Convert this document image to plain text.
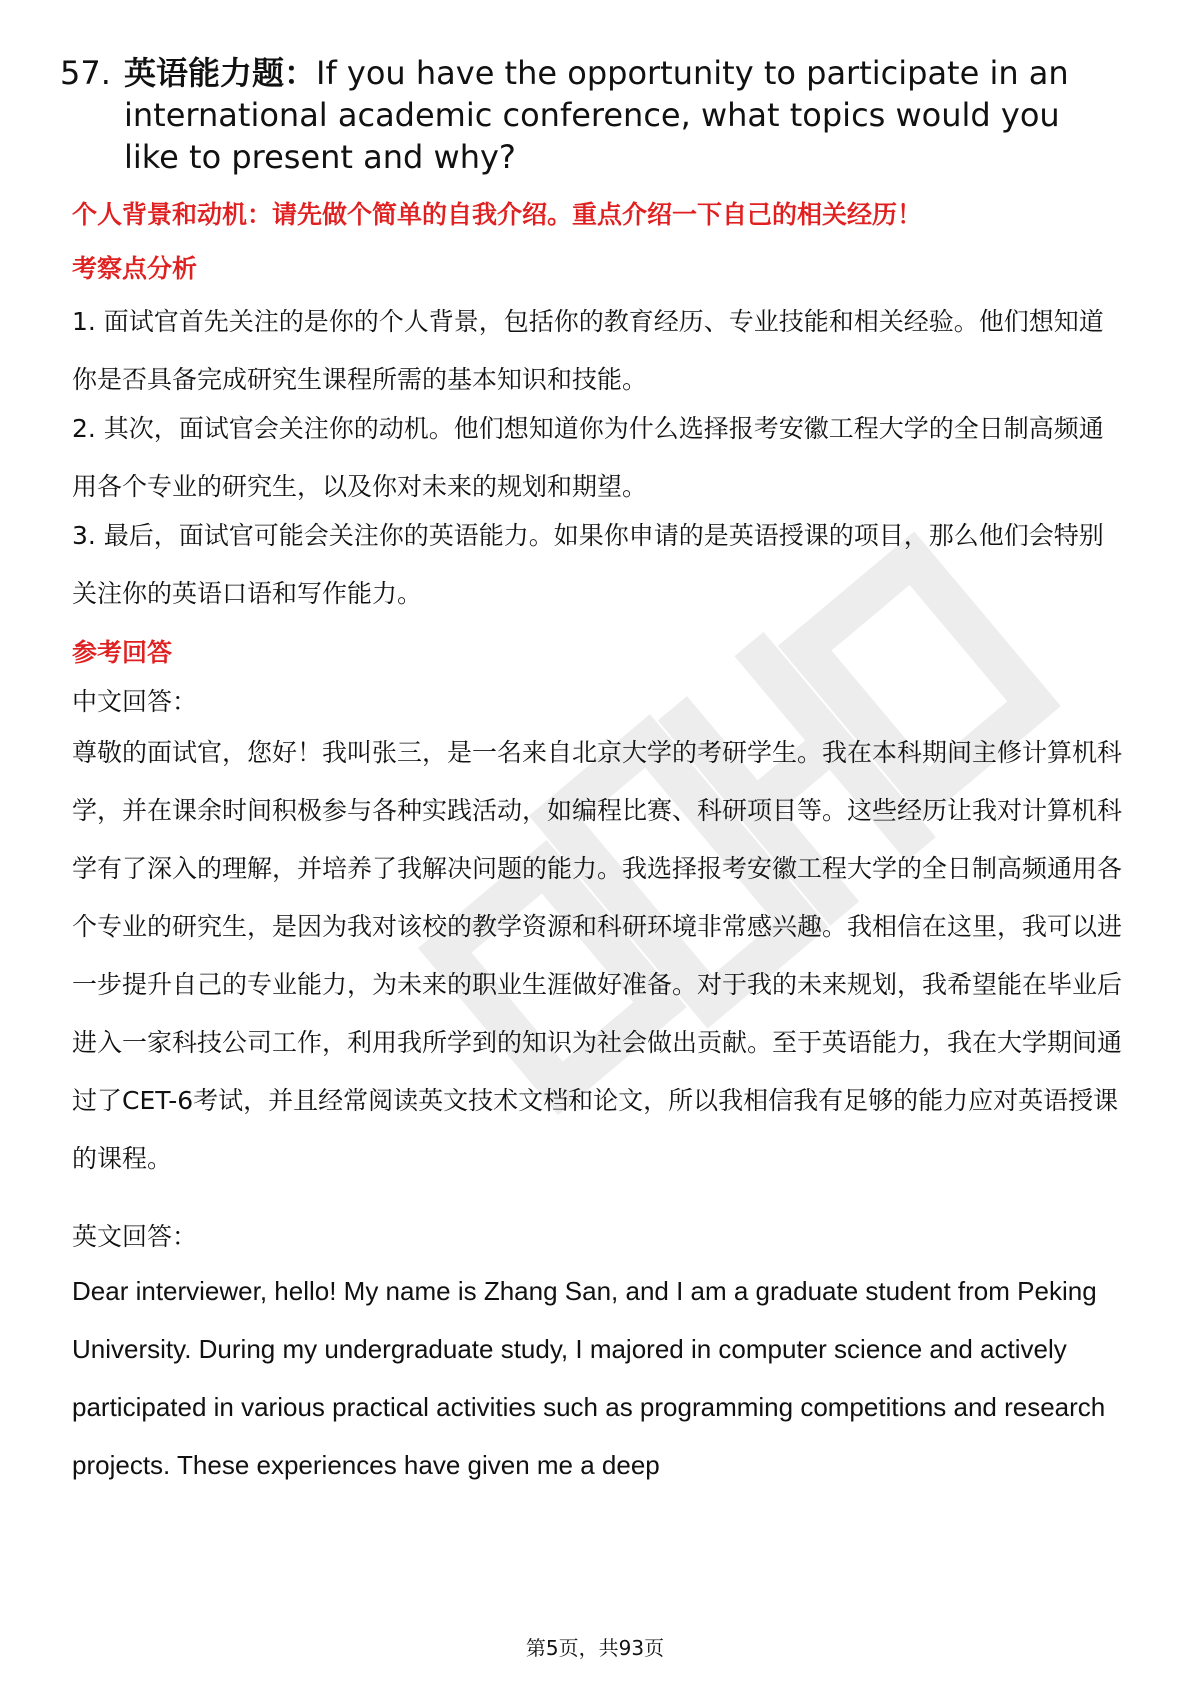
57. 英语能力题：If you have the opportunity to participate in an international academic conference, what topics would you like to present and why?
个人背景和动机：请先做个简单的自我介绍。重点介绍一下自己的相关经历！
考察点分析

1. 面试官首先关注的是你的个人背景，包括你的教育经历、专业技能和相关经验。他们想知道你是否具备完成研究生课程所需的基本知识和技能。

2. 其次，面试官会关注你的动机。他们想知道你为什么选择报考安徽工程大学的全日制高频通用各个专业的研究生，以及你对未来的规划和期望。

3. 最后，面试官可能会关注你的英语能力。如果你申请的是英语授课的项目，那么他们会特别关注你的英语口语和写作能力。

参考回答
中文回答：

尊敬的面试官，您好！我叫张三，是一名来自北京大学的考研学生。我在本科期间主修计算机科学，并在课余时间积极参与各种实践活动，如编程比赛、科研项目等。这些经历让我对计算机科学有了深入的理解，并培养了我解决问题的能力。我选择报考安徽工程大学的全日制高频通用各个专业的研究生，是因为我对该校的教学资源和科研环境非常感兴趣。我相信在这里，我可以进一步提升自己的专业能力，为未来的职业生涯做好准备。对于我的未来规划，我希望能在毕业后进入一家科技公司工作，利用我所学到的知识为社会做出贡献。至于英语能力，我在大学期间通过了CET-6考试，并且经常阅读英文技术文档和论文，所以我相信我有足够的能力应对英语授课的课程。

英文回答：

Dear interviewer, hello! My name is Zhang San, and I am a graduate student from Peking University. During my undergraduate study, I majored in computer science and actively participated in various practical activities such as programming competitions and research projects. These experiences have given me a deep

第5页，共93页
